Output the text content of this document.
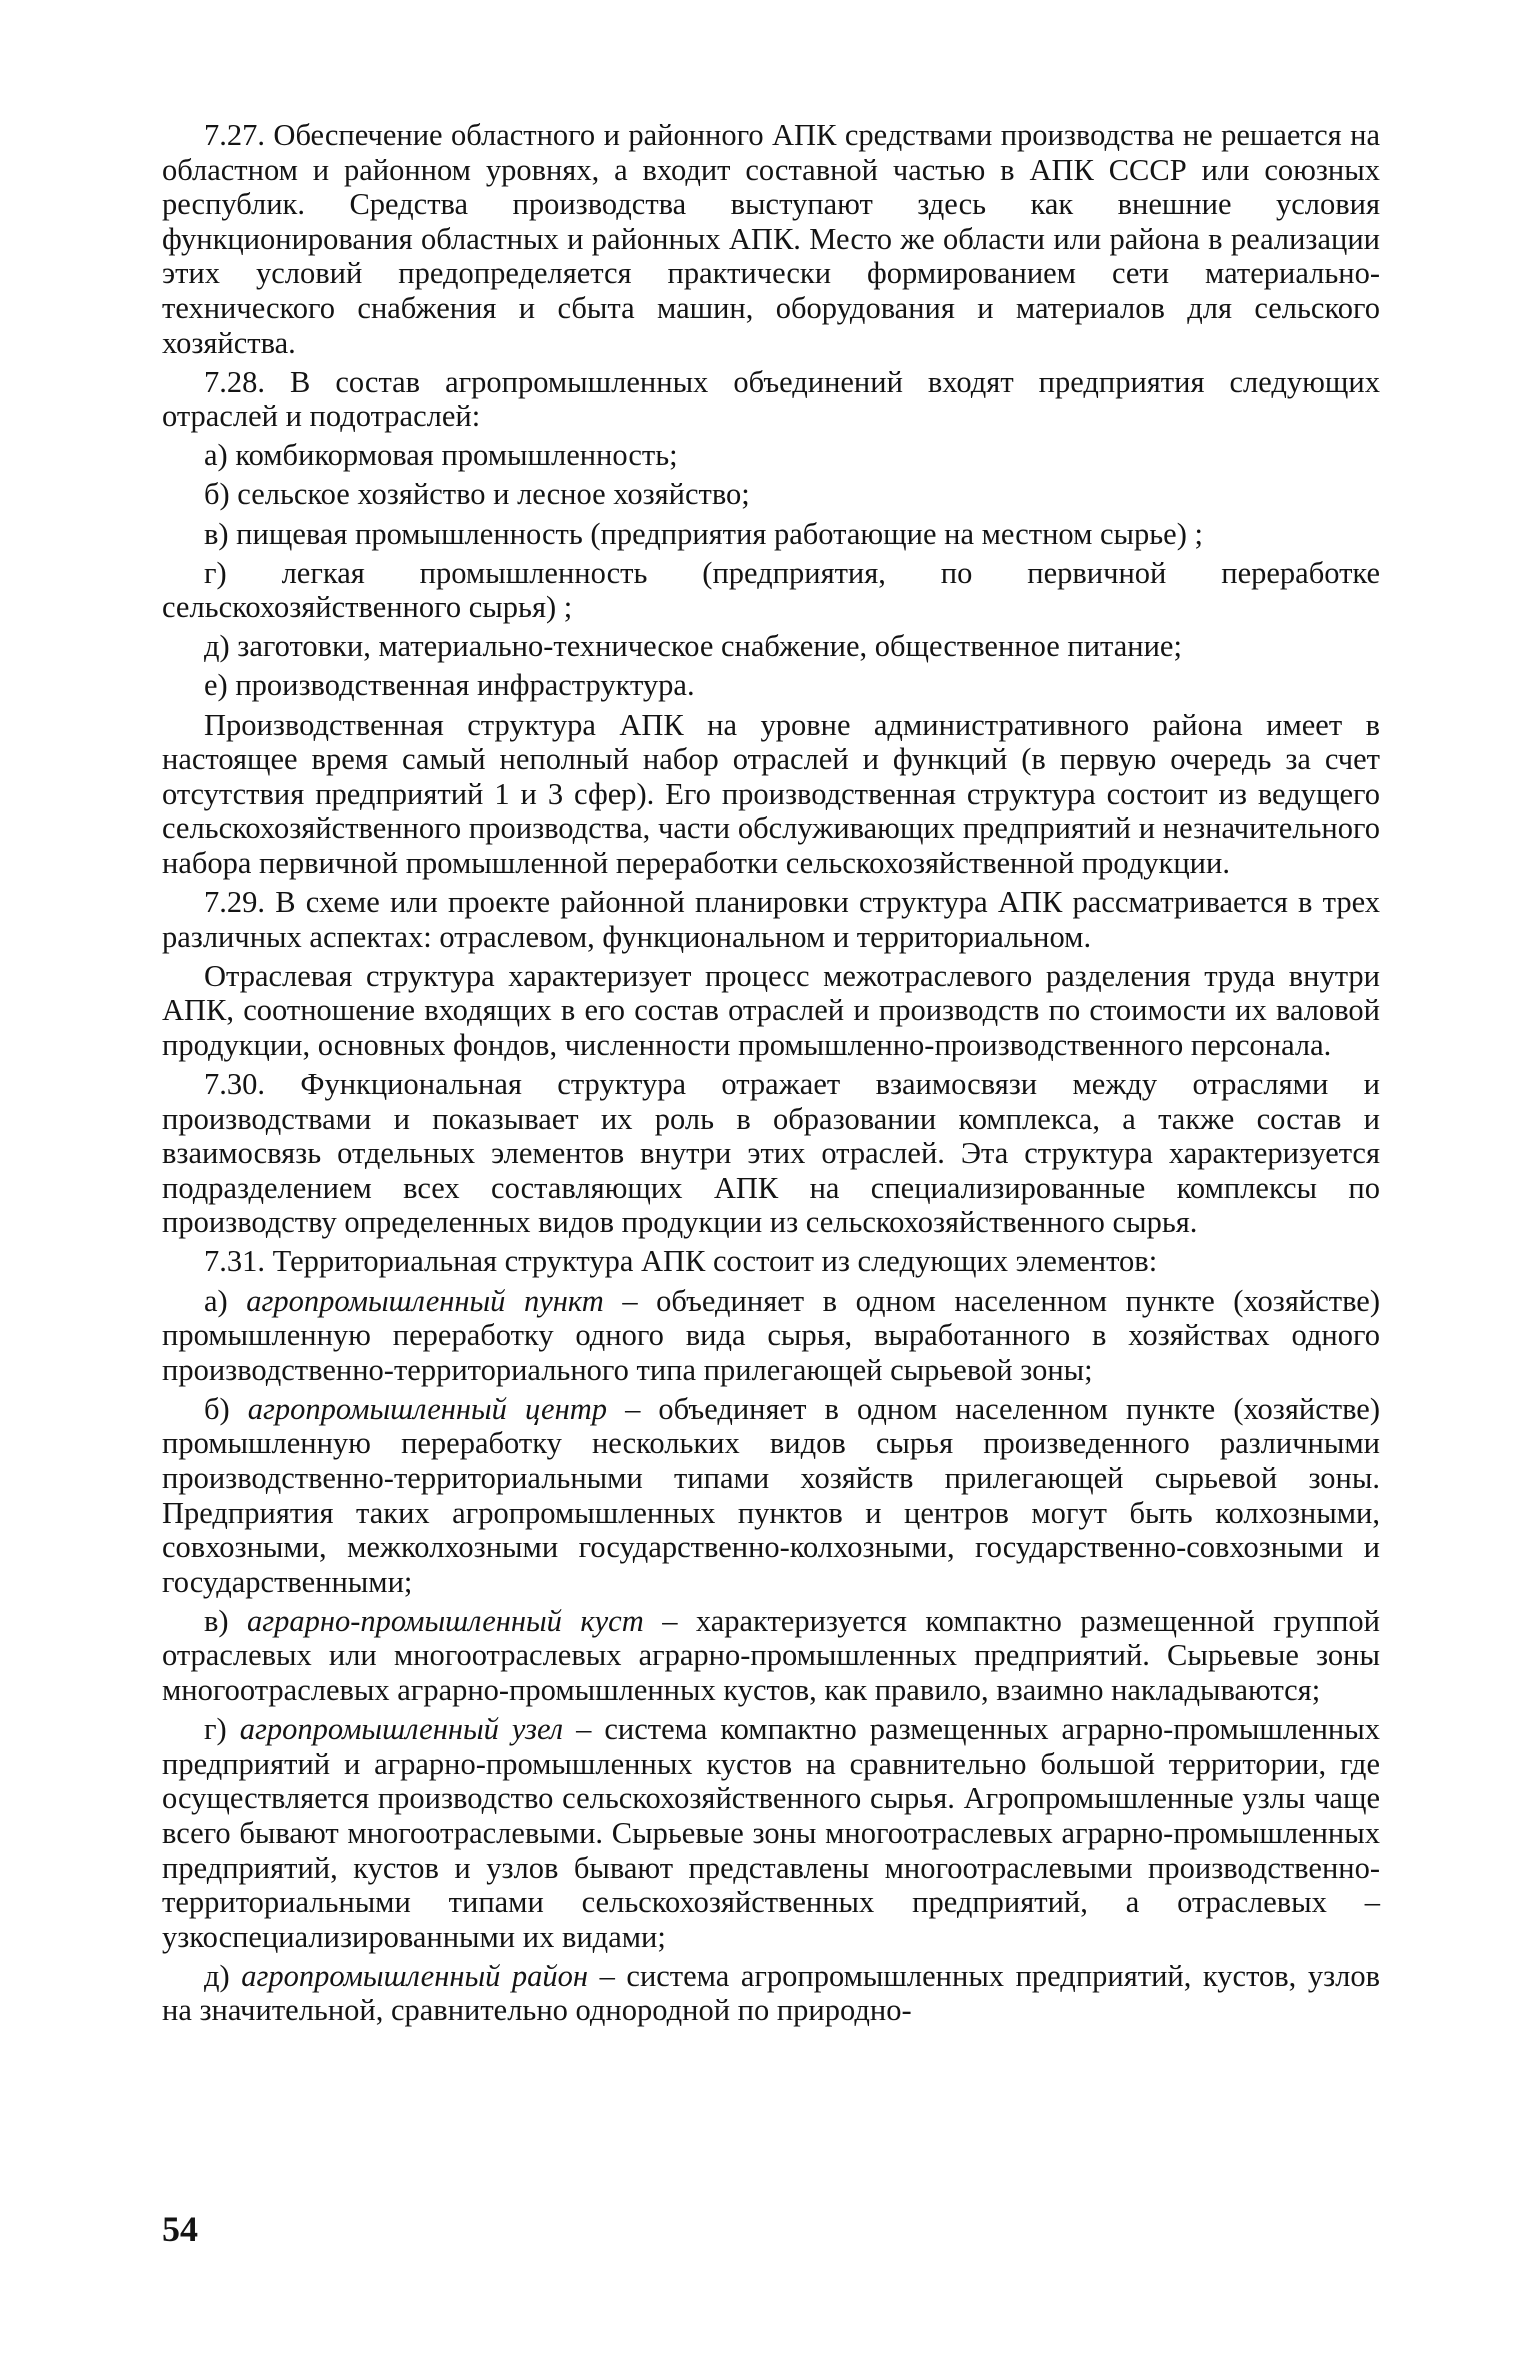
7.27. Обеспечение областного и районного АПК средствами производства не решается на областном и районном уровнях, а входит составной частью в АПК СССР или союзных республик. Средства производства выступают здесь как внешние условия функционирования областных и районных АПК. Место же области или района в реализации этих условий предопределяется практически формированием сети материально-технического снабжения и сбыта машин, оборудования и материалов для сельского хозяйства.

7.28. В состав агропромышленных объединений входят предприятия следующих отраслей и подотраслей:

а) комбикормовая промышленность;

б) сельское хозяйство и лесное хозяйство;

в) пищевая промышленность (предприятия работающие на местном сырье) ;

г) легкая промышленность (предприятия, по первичной переработке сельскохозяйственного сырья) ;

д) заготовки, материально-техническое снабжение, общественное питание;

е) производственная инфраструктура.

Производственная структура АПК на уровне административного района имеет в настоящее время самый неполный набор отраслей и функций (в первую очередь за счет отсутствия предприятий 1 и 3 сфер). Его производственная структура состоит из ведущего сельскохозяйственного производства, части обслуживающих предприятий и незначительного набора первичной промышленной переработки сельскохозяйственной продукции.

7.29. В схеме или проекте районной планировки структура АПК рассматривается в трех различных аспектах: отраслевом, функциональном и территориальном.

Отраслевая структура характеризует процесс межотраслевого разделения труда внутри АПК, соотношение входящих в его состав отраслей и производств по стоимости их валовой продукции, основных фондов, численности промышленно-производственного персонала.

7.30. Функциональная структура отражает взаимосвязи между отраслями и производствами и показывает их роль в образовании комплекса, а также состав и взаимосвязь отдельных элементов внутри этих отраслей. Эта структура характеризуется подразделением всех составляющих АПК на специализированные комплексы по производству определенных видов продукции из сельскохозяйственного сырья.

7.31. Территориальная структура АПК состоит из следующих элементов:

а) агропромышленный пункт – объединяет в одном населенном пункте (хозяйстве) промышленную переработку одного вида сырья, выработанного в хозяйствах одного производственно-территориального типа прилегающей сырьевой зоны;

б) агропромышленный центр – объединяет в одном населенном пункте (хозяйстве) промышленную переработку нескольких видов сырья произведенного различными производственно-территориальными типами хозяйств прилегающей сырьевой зоны. Предприятия таких агропромышленных пунктов и центров могут быть колхозными, совхозными, межколхозными государственно-колхозными, государственно-совхозными и государственными;

в) аграрно-промышленный куст – характеризуется компактно размещенной группой отраслевых или многоотраслевых аграрно-промышленных предприятий. Сырьевые зоны многоотраслевых аграрно-промышленных кустов, как правило, взаимно накладываются;

г) агропромышленный узел – система компактно размещенных аграрно-промышленных предприятий и аграрно-промышленных кустов на сравнительно большой территории, где осуществляется производство сельскохозяйственного сырья. Агропромышленные узлы чаще всего бывают многоотраслевыми. Сырьевые зоны многоотраслевых аграрно-промышленных предприятий, кустов и узлов бывают представлены многоотраслевыми производственно-территориальными типами сельскохозяйственных предприятий, а отраслевых – узкоспециализированными их видами;

д) агропромышленный район – система агропромышленных предприятий, кустов, узлов на значительной, сравнительно однородной по природно-

54
